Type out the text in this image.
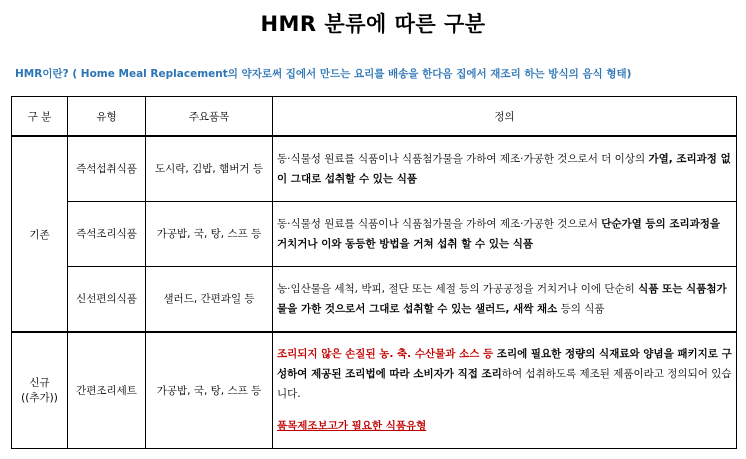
HMR 분류에 따른 구분
HMR이란? ( Home Meal Replacement의 약자로써 집에서 만드는 요리를 배송을 한다음 집에서 재조리 하는 방식의 음식 형태)
구 분	유형	주요품목	정의
기존	즉석섭취식품	도시락, 김밥, 햄버거 등	동·식물성 원료를 식품이나 식품첨가물을 가하여 제조·가공한 것으로서 더 이상의 가열, 조리과정 없이 그대로 섭취할 수 있는 식품
	즉석조리식품	가공밥, 국, 탕, 스프 등	동·식물성 원료를 식품이나 식품첨가물을 가하여 제조·가공한 것으로서 단순가열 등의 조리과정을 거치거나 이와 동등한 방법을 거쳐 섭취 할 수 있는 식품
	신선편의식품	샐러드, 간편과일 등	농·임산물을 세척, 박피, 절단 또는 세절 등의 가공공정을 거치거나 이에 단순히 식품 또는 식품첨가물을 가한 것으로서 그대로 섭취할 수 있는 샐러드, 새싹 채소 등의 식품
신규
((추가))	간편조리세트	가공밥, 국, 탕, 스프 등	조리되지 않은 손질된 농. 축. 수산물과 소스 등 조리에 필요한 정량의 식재료와 양념을 패키지로 구성하여 제공된 조리법에 따라 소비자가 직접 조리하여 섭취하도록 제조된 제품이라고 정의되어 있습니다.
품목제조보고가 필요한 식품유형
